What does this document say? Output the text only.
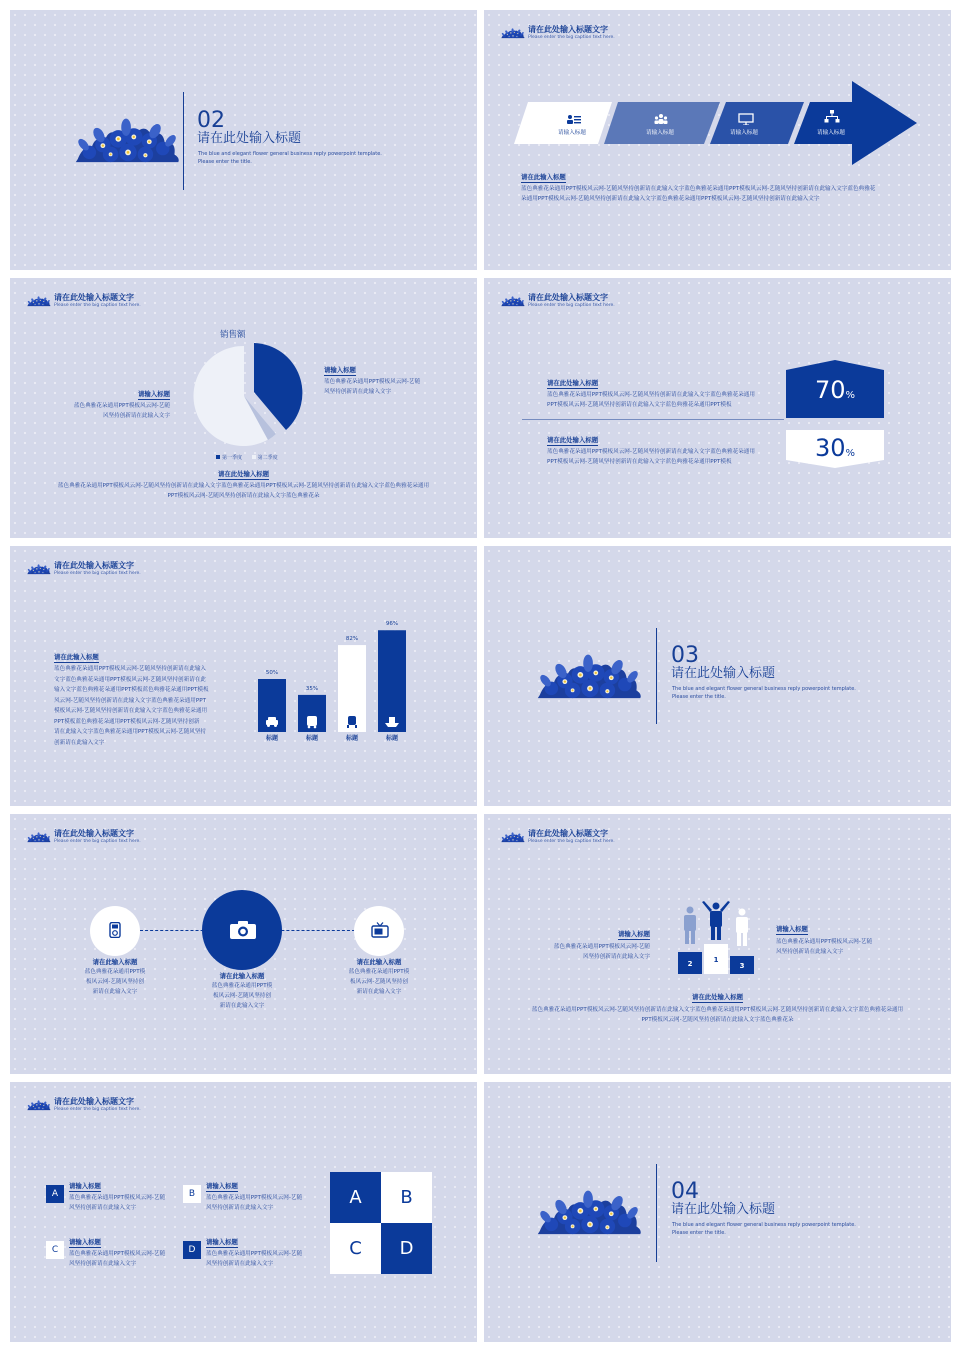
02
请在此处输入标题
The blue and elegant flower general business reply powerpoint template.
Please enter the title.
请在此处输入标题文字
Please enter the big caption text here.
请输入标题	请输入标题	请输入标题	请输入标题
请在此输入标题
蓝色典雅花朵通用PPT模板风云网-艺随风坚持创新请在此输入文字蓝色典雅花朵通用PPT模板风云网-艺随风坚持创新请在此输入文字蓝色典雅花
朵通用PPT模板风云网-艺随风坚持创新请在此输入文字蓝色典雅花朵通用PPT模板风云网-艺随风坚持创新请在此输入文字
请在此处输入标题文字
Please enter the big caption text here.
销售额
第一季度	第二季度
请输入标题
蓝色典雅花朵通用PPT模板风云网-艺随
风坚持创新请在此输入文字
请输入标题
蓝色典雅花朵通用PPT模板风云网-艺随
风坚持创新请在此输入文字
请在此处输入标题
蓝色典雅花朵通用PPT模板风云网-艺随风坚持创新请在此输入文字蓝色典雅花朵通用PPT模板风云网-艺随风坚持创新请在此输入文字蓝色典雅花朵通用
PPT模板风云网-艺随风坚持创新请在此输入文字蓝色典雅花朵
请在此处输入标题文字
Please enter the big caption text here.
请在此处输入标题
蓝色典雅花朵通用PPT模板风云网-艺随风坚持创新请在此输入文字蓝色典雅花朵通用
PPT模板风云网-艺随风坚持创新请在此输入文字蓝色典雅花朵通用PPT模板
请在此处输入标题
蓝色典雅花朵通用PPT模板风云网-艺随风坚持创新请在此输入文字蓝色典雅花朵通用
PPT模板风云网-艺随风坚持创新请在此输入文字蓝色典雅花朵通用PPT模板
70%
30%
请在此处输入标题文字
Please enter the big caption text here.
请在此输入标题
蓝色典雅花朵通用PPT模板风云网-艺随风坚持创新请在此输入
文字蓝色典雅花朵通用PPT模板风云网-艺随风坚持创新请在此
输入文字蓝色典雅花朵通用PPT模板蓝色典雅花朵通用PPT模板
风云网-艺随风坚持创新请在此输入文字蓝色典雅花朵通用PPT
模板风云网-艺随风坚持创新请在此输入文字蓝色典雅花朵通用
PPT模板蓝色典雅花朵通用PPT模板风云网-艺随风坚持创新
请在此输入文字蓝色典雅花朵通用PPT模板风云网-艺随风坚持
创新请在此输入文字
50%
标题
35%
标题
82%
标题
96%
标题
03
请在此处输入标题
The blue and elegant flower general business reply powerpoint template.
Please enter the title.
请在此处输入标题文字
Please enter the big caption text here.
请在此输入标题
蓝色典雅花朵通用PPT模
板风云网-艺随风坚持创
新请在此输入文字
请在此输入标题
蓝色典雅花朵通用PPT模
板风云网-艺随风坚持创
新请在此输入文字
请在此输入标题
蓝色典雅花朵通用PPT模
板风云网-艺随风坚持创
新请在此输入文字
请在此处输入标题文字
Please enter the big caption text here.
请输入标题
蓝色典雅花朵通用PPT模板风云网-艺随
风坚持创新请在此输入文字
2	1
3
请输入标题
蓝色典雅花朵通用PPT模板风云网-艺随
风坚持创新请在此输入文字
请在此处输入标题
蓝色典雅花朵通用PPT模板风云网-艺随风坚持创新请在此输入文字蓝色典雅花朵通用PPT模板风云网-艺随风坚持创新请在此输入文字蓝色典雅花朵通用
PPT模板风云网-艺随风坚持创新请在此输入文字蓝色典雅花朵
请在此处输入标题文字
Please enter the big caption text here.
A
请输入标题
蓝色典雅花朵通用PPT模板风云网-艺随
风坚持创新请在此输入文字
B
请输入标题
蓝色典雅花朵通用PPT模板风云网-艺随
风坚持创新请在此输入文字
C
请输入标题
蓝色典雅花朵通用PPT模板风云网-艺随
风坚持创新请在此输入文字
D
请输入标题
蓝色典雅花朵通用PPT模板风云网-艺随
风坚持创新请在此输入文字
A	B
C	D
04
请在此处输入标题
The blue and elegant flower general business reply powerpoint template.
Please enter the title.
